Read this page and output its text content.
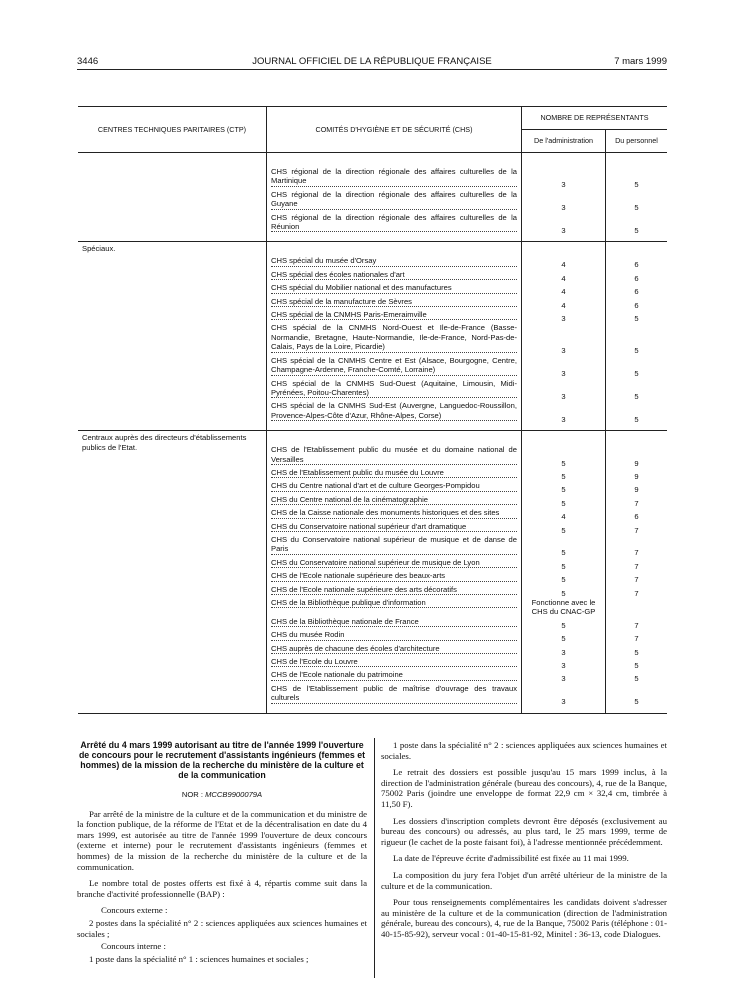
3446	JOURNAL OFFICIEL DE LA RÉPUBLIQUE FRANÇAISE	7 mars 1999
CENTRES TECHNIQUES PARITAIRES (CTP)	COMITÉS D'HYGIÈNE ET DE SÉCURITÉ (CHS)	NOMBRE DE REPRÉSENTANTS	
		De l'administration	Du personnel

	CHS régional de la direction régionale des affaires culturelles de la Martinique	3	5

	CHS régional de la direction régionale des affaires culturelles de la Guyane	3	5

	CHS régional de la direction régionale des affaires culturelles de la Réunion	3	5

Spéciaux.			

	CHS spécial du musée d'Orsay	4	6

	CHS spécial des écoles nationales d'art	4	6

	CHS spécial du Mobilier national et des manufactures	4	6

	CHS spécial de la manufacture de Sèvres	4	6

	CHS spécial de la CNMHS Paris-Emeraimville	3	5

	CHS spécial de la CNMHS Nord-Ouest et Ile-de-France (Basse-Normandie, Bretagne, Haute-Normandie, Ile-de-France, Nord-Pas-de-Calais, Pays de la Loire, Picardie)	3	5

	CHS spécial de la CNMHS Centre et Est (Alsace, Bourgogne, Centre, Champagne-Ardenne, Franche-Comté, Lorraine)	3	5

	CHS spécial de la CNMHS Sud-Ouest (Aquitaine, Limousin, Midi-Pyrénées, Poitou-Charentes)	3	5

	CHS spécial de la CNMHS Sud-Est (Auvergne, Languedoc-Roussillon, Provence-Alpes-Côte d'Azur, Rhône-Alpes, Corse)	3	5

Centraux auprès des directeurs d'établissements publics de l'Etat.			

	CHS de l'Etablissement public du musée et du domaine national de Versailles	5	9

	CHS de l'Etablissement public du musée du Louvre	5	9

	CHS du Centre national d'art et de culture Georges-Pompidou	5	9

	CHS du Centre national de la cinématographie	5	7

	CHS de la Caisse nationale des monuments historiques et des sites	4	6

	CHS du Conservatoire national supérieur d'art dramatique	5	7

	CHS du Conservatoire national supérieur de musique et de danse de Paris	5	7

	CHS du Conservatoire national supérieur de musique de Lyon	5	7

	CHS de l'Ecole nationale supérieure des beaux-arts	5	7

	CHS de l'Ecole nationale supérieure des arts décoratifs	5	7

	CHS de la Bibliothèque publique d'information	Fonctionne avec le CHS du CNAC-GP	

	CHS de la Bibliothèque nationale de France	5	7

	CHS du musée Rodin	5	7

	CHS auprès de chacune des écoles d'architecture	3	5

	CHS de l'Ecole du Louvre	3	5

	CHS de l'Ecole nationale du patrimoine	3	5

	CHS de l'Etablissement public de maîtrise d'ouvrage des travaux culturels	3	5

Arrêté du 4 mars 1999 autorisant au titre de l'année 1999 l'ouverture de concours pour le recrutement d'assistants ingénieurs (femmes et hommes) de la mission de la recherche du ministère de la culture et de la communication
NOR : MCCB9900079A

Par arrêté de la ministre de la culture et de la communication et du ministre de la fonction publique, de la réforme de l'Etat et de la décentralisation en date du 4 mars 1999, est autorisée au titre de l'année 1999 l'ouverture de deux concours (externe et interne) pour le recrutement d'assistants ingénieurs (femmes et hommes) de la mission de la recherche du ministère de la culture et de la communication.

Le nombre total de postes offerts est fixé à 4, répartis comme suit dans la branche d'activité professionnelle (BAP) :

Concours externe :

2 postes dans la spécialité n° 2 : sciences appliquées aux sciences humaines et sociales ;

Concours interne :

1 poste dans la spécialité n° 1 : sciences humaines et sociales ;

1 poste dans la spécialité n° 2 : sciences appliquées aux sciences humaines et sociales.

Le retrait des dossiers est possible jusqu'au 15 mars 1999 inclus, à la direction de l'administration générale (bureau des concours), 4, rue de la Banque, 75002 Paris (joindre une enveloppe de format 22,9 cm × 32,4 cm, timbrée à 11,50 F).

Les dossiers d'inscription complets devront être déposés (exclusivement au bureau des concours) ou adressés, au plus tard, le 25 mars 1999, terme de rigueur (le cachet de la poste faisant foi), à l'adresse mentionnée précédemment.

La date de l'épreuve écrite d'admissibilité est fixée au 11 mai 1999.

La composition du jury fera l'objet d'un arrêté ultérieur de la ministre de la culture et de la communication.

Pour tous renseignements complémentaires les candidats doivent s'adresser au ministère de la culture et de la communication (direction de l'administration générale, bureau des concours), 4, rue de la Banque, 75002 Paris (téléphone : 01-40-15-85-92), serveur vocal : 01-40-15-81-92, Minitel : 36-13, code Dialogues.
